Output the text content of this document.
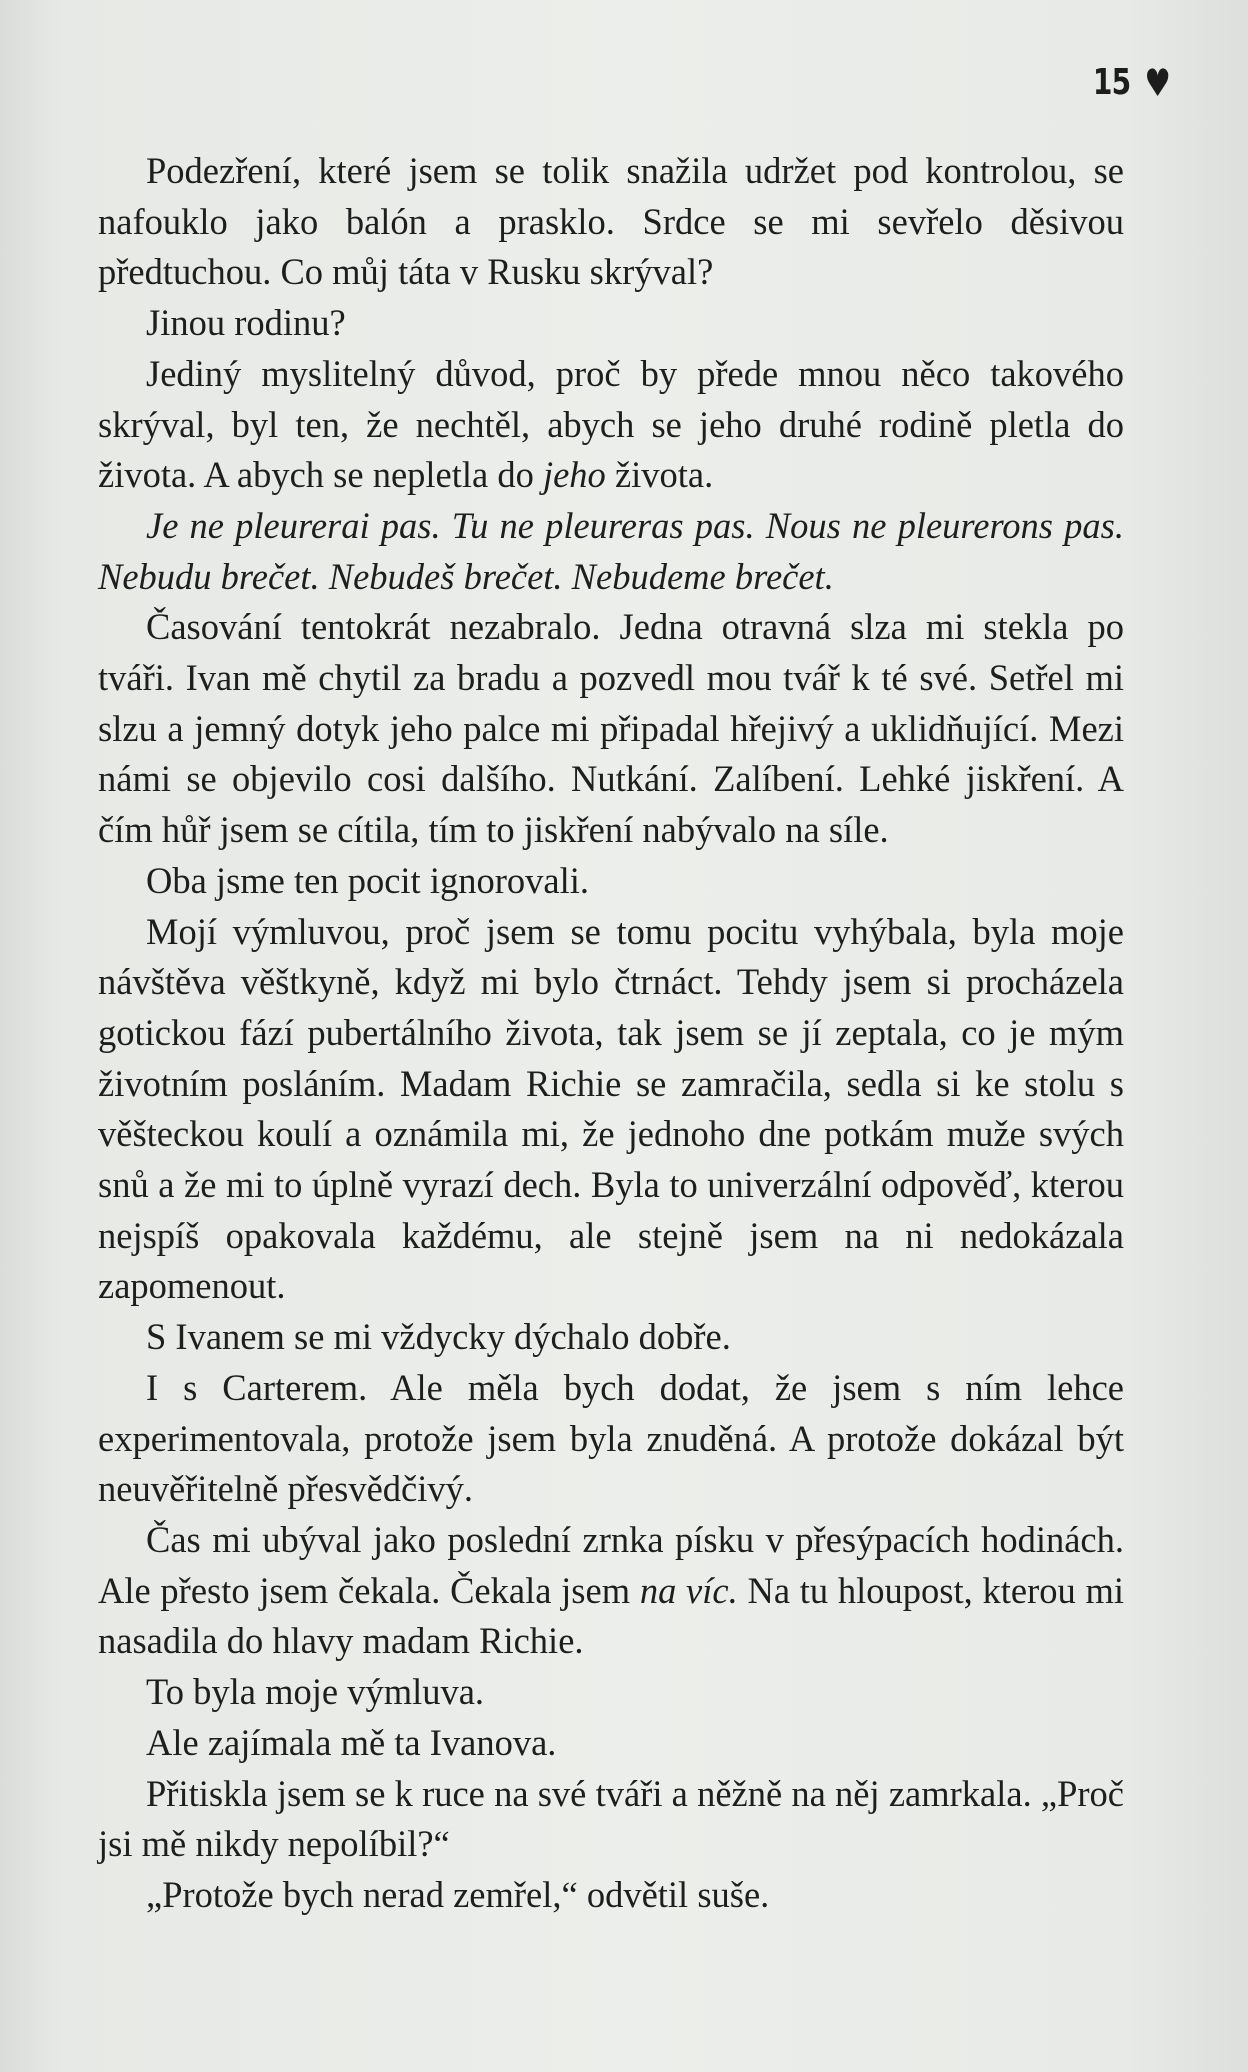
15 ♥

Podezření, které jsem se tolik snažila udržet pod kontrolou, se nafouklo jako balón a prasklo. Srdce se mi sevřelo děsivou předtuchou. Co můj táta v Rusku skrýval?

Jinou rodinu?

Jediný myslitelný důvod, proč by přede mnou něco takového skrýval, byl ten, že nechtěl, abych se jeho druhé rodině pletla do života. A abych se nepletla do jeho života.

Je ne pleurerai pas. Tu ne pleureras pas. Nous ne pleurerons pas. Nebudu brečet. Nebudeš brečet. Nebudeme brečet.

Časování tentokrát nezabralo. Jedna otravná slza mi stekla po tváři. Ivan mě chytil za bradu a pozvedl mou tvář k té své. Setřel mi slzu a jemný dotyk jeho palce mi připadal hřejivý a uklidňující. Mezi námi se objevilo cosi dalšího. Nutkání. Zalíbení. Lehké jiskření. A čím hůř jsem se cítila, tím to jiskření nabývalo na síle.

Oba jsme ten pocit ignorovali.

Mojí výmluvou, proč jsem se tomu pocitu vyhýbala, byla moje návštěva věštkyně, když mi bylo čtrnáct. Tehdy jsem si procházela gotickou fází pubertálního života, tak jsem se jí zeptala, co je mým životním posláním. Madam Richie se zamračila, sedla si ke stolu s věšteckou koulí a oznámila mi, že jednoho dne potkám muže svých snů a že mi to úplně vyrazí dech. Byla to univerzální odpověď, kterou nejspíš opakovala každému, ale stejně jsem na ni nedokázala zapomenout.

S Ivanem se mi vždycky dýchalo dobře.

I s Carterem. Ale měla bych dodat, že jsem s ním lehce experimentovala, protože jsem byla znuděná. A protože dokázal být neuvěřitelně přesvědčivý.

Čas mi ubýval jako poslední zrnka písku v přesýpacích hodinách. Ale přesto jsem čekala. Čekala jsem na víc. Na tu hloupost, kterou mi nasadila do hlavy madam Richie.

To byla moje výmluva.

Ale zajímala mě ta Ivanova.

Přitiskla jsem se k ruce na své tváři a něžně na něj zamrkala. „Proč jsi mě nikdy nepolíbil?“

„Protože bych nerad zemřel,“ odvětil suše.
